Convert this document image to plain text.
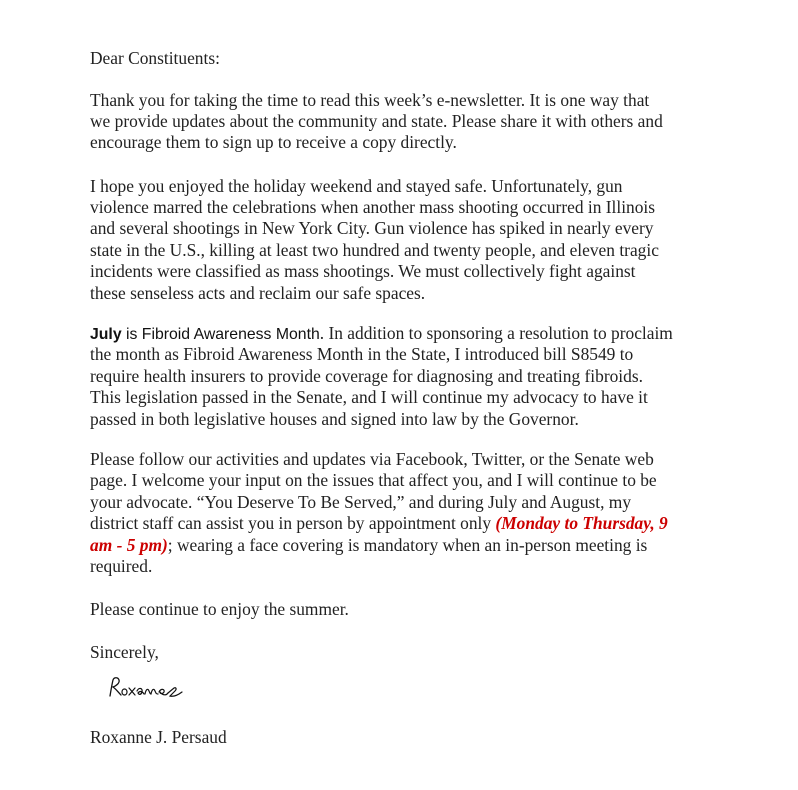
Dear Constituents:
Thank you for taking the time to read this week’s e-newsletter. It is one way that
we provide updates about the community and state. Please share it with others and
encourage them to sign up to receive a copy directly.
I hope you enjoyed the holiday weekend and stayed safe. Unfortunately, gun
violence marred the celebrations when another mass shooting occurred in Illinois
and several shootings in New York City. Gun violence has spiked in nearly every
state in the U.S., killing at least two hundred and twenty people, and eleven tragic
incidents were classified as mass shootings. We must collectively fight against
these senseless acts and reclaim our safe spaces.
July is Fibroid Awareness Month. In addition to sponsoring a resolution to proclaim
the month as Fibroid Awareness Month in the State, I introduced bill S8549 to
require health insurers to provide coverage for diagnosing and treating fibroids.
This legislation passed in the Senate, and I will continue my advocacy to have it
passed in both legislative houses and signed into law by the Governor.
Please follow our activities and updates via Facebook, Twitter, or the Senate web
page. I welcome your input on the issues that affect you, and I will continue to be
your advocate. “You Deserve To Be Served,” and during July and August, my
district staff can assist you in person by appointment only (Monday to Thursday, 9
am - 5 pm); wearing a face covering is mandatory when an in-person meeting is
required.
Please continue to enjoy the summer.
Sincerely,
Roxanne J. Persaud
